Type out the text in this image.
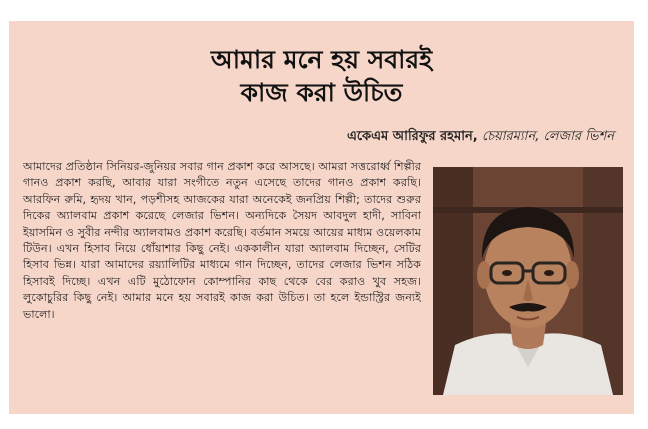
আমার মনে হয় সবারই
কাজ করা উচিত
একেএম আরিফুর রহমান, চেয়ারম্যান, লেজার ভিশন

আমাদের প্রতিষ্ঠান সিনিয়র-জুনিয়র সবার গান প্রকাশ করে আসছে। আমরা সত্তরোর্ধ্ব শিল্পীর গানও প্রকাশ করছি, আবার যারা সংগীতে নতুন এসেছে তাদের গানও প্রকাশ করছি। আরফিন রুমি, হৃদয় খান, পড়শীসহ আজকের যারা অনেকেই জনপ্রিয় শিল্পী; তাদের শুরুর দিকের অ্যালবাম প্রকাশ করেছে লেজার ভিশন। অন্যদিকে সৈয়দ আবদুল হাদী, সাবিনা ইয়াসমিন ও সুবীর নন্দীর অ্যালবামও প্রকাশ করেছি। বর্তমান সময়ে আয়ের মাধ্যম ওয়েলকাম টিউন। এখন হিসাব নিয়ে ধোঁয়াশার কিছু নেই। এককালীন যারা অ্যালবাম দিচ্ছেন, সেটির হিসাব ভিন্ন। যারা আমাদের রয়্যালিটির মাধ্যমে গান দিচ্ছেন, তাদের লেজার ভিশন সঠিক হিসাবই দিচ্ছে। এখন এটি মুঠোফোন কোম্পানির কাছ থেকে বের করাও খুব সহজ। লুকোচুরির কিছু নেই। আমার মনে হয় সবারই কাজ করা উচিত। তা হলে ইন্ডাস্ট্রির জন্যই ভালো।
